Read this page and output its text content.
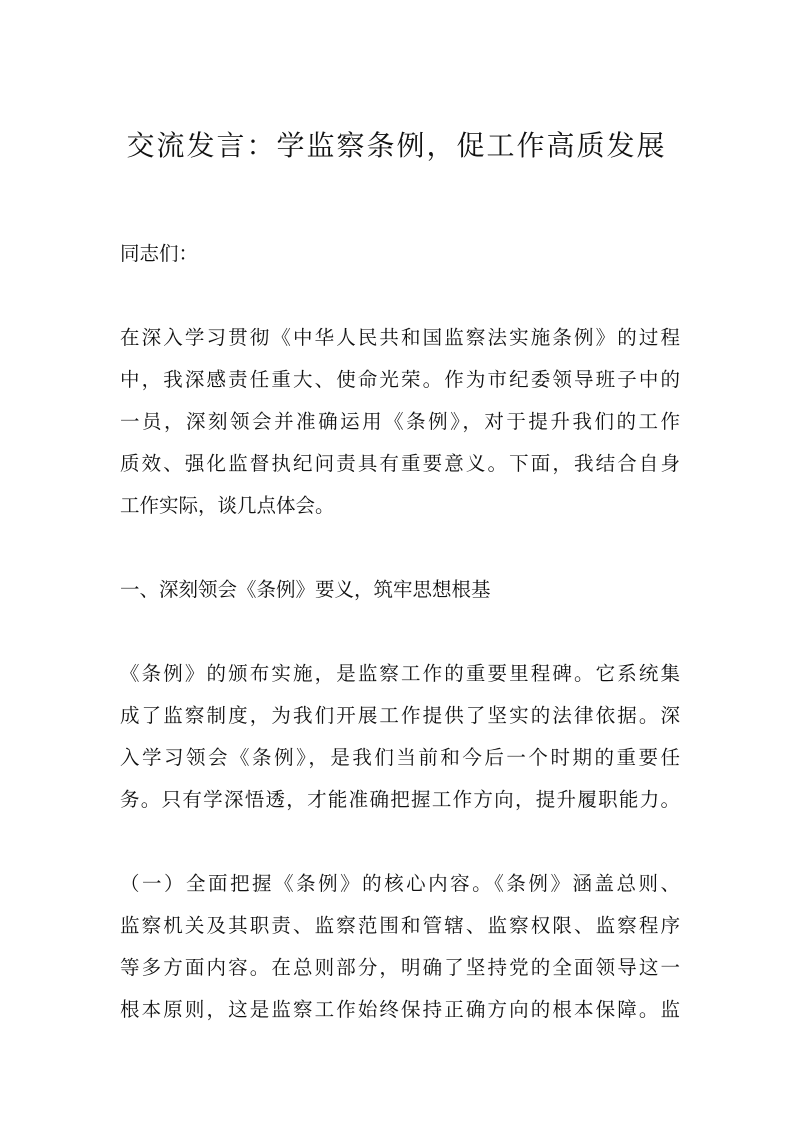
交流发言：学监察条例，促工作高质发展
同志们：
在深入学习贯彻《中华人民共和国监察法实施条例》的过程
中，我深感责任重大、使命光荣。作为市纪委领导班子中的
一员，深刻领会并准确运用《条例》，对于提升我们的工作
质效、强化监督执纪问责具有重要意义。下面，我结合自身
工作实际，谈几点体会。
一、深刻领会《条例》要义，筑牢思想根基
《条例》的颁布实施，是监察工作的重要里程碑。它系统集
成了监察制度，为我们开展工作提供了坚实的法律依据。深
入学习领会《条例》，是我们当前和今后一个时期的重要任
务。只有学深悟透，才能准确把握工作方向，提升履职能力。
（一）全面把握《条例》的核心内容。《条例》涵盖总则、
监察机关及其职责、监察范围和管辖、监察权限、监察程序
等多方面内容。在总则部分，明确了坚持党的全面领导这一
根本原则，这是监察工作始终保持正确方向的根本保障。监
